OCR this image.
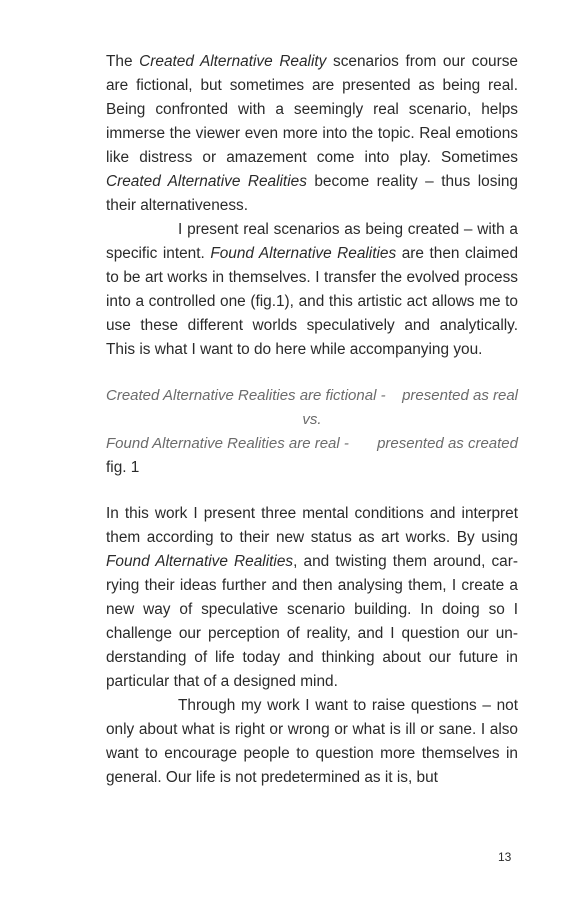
The Created Alternative Reality scenarios from our course are fictional, but sometimes are presented as being real. Being confronted with a seemingly real scenario, helps immerse the viewer even more into the topic. Real emotions like distress or amazement come into play. Sometimes Created Alternative Realities become reality – thus losing their alternativeness.

I present real scenarios as being created – with a specific intent. Found Alternative Realities are then claimed to be art works in themselves. I transfer the evolved process into a controlled one (fig.1), and this artistic act allows me to use these different worlds speculatively and analytically. This is what I want to do here while accompanying you.

Created Alternative Realities are fictional - presented as real
vs.
Found Alternative Realities are real - presented as created

fig. 1

In this work I present three mental conditions and interpret them according to their new status as art works. By using Found Alternative Realities, and twisting them around, carrying their ideas further and then analysing them, I create a new way of speculative scenario building. In doing so I challenge our perception of reality, and I question our understanding of life today and thinking about our future in particular that of a designed mind.

Through my work I want to raise questions – not only about what is right or wrong or what is ill or sane. I also want to encourage people to question more themselves in general. Our life is not predetermined as it is, but

13
